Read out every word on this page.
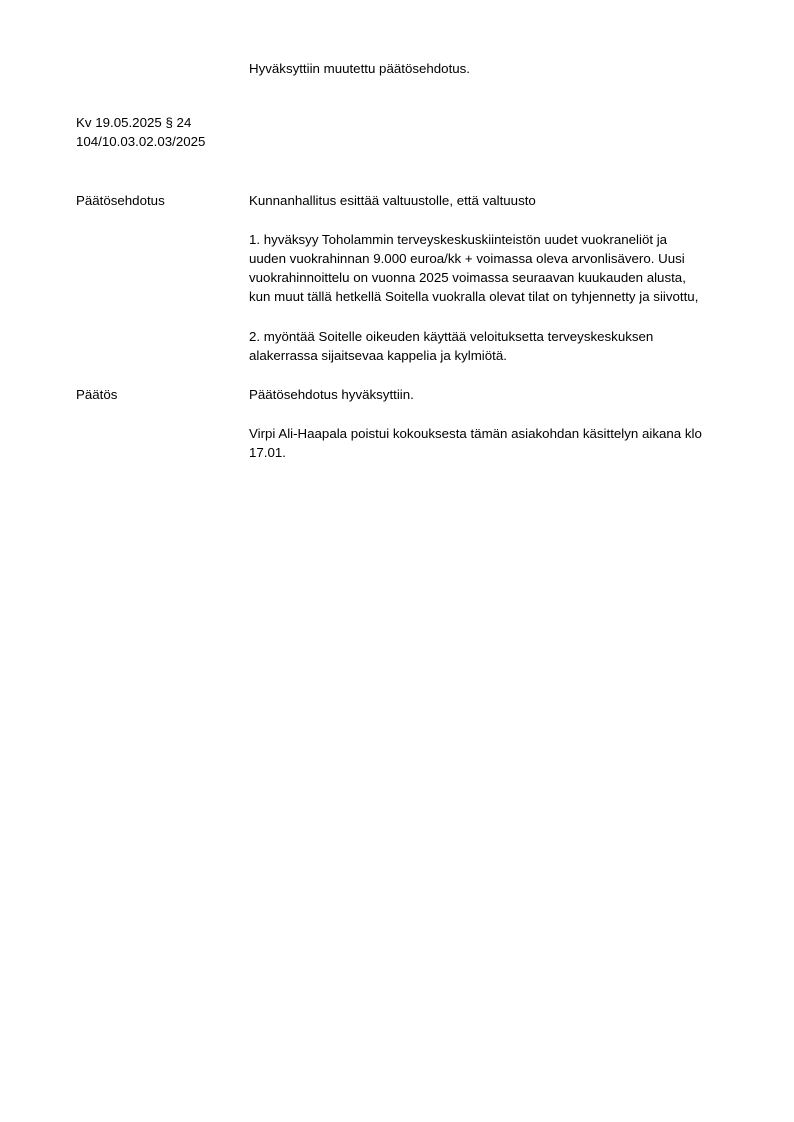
Hyväksyttiin muutettu päätösehdotus.
Kv 19.05.2025 § 24
104/10.03.02.03/2025
Päätösehdotus	Kunnanhallitus esittää valtuustolle, että valtuusto
1. hyväksyy Toholammin terveyskeskuskiinteistön uudet vuokraneliöt ja
uuden vuokrahinnan 9.000 euroa/kk + voimassa oleva arvonlisävero. Uusi
vuokrahinnoittelu on vuonna 2025 voimassa seuraavan kuukauden alusta,
kun muut tällä hetkellä Soitella vuokralla olevat tilat on tyhjennetty ja siivottu,
2. myöntää Soitelle oikeuden käyttää veloituksetta terveyskeskuksen
alakerrassa sijaitsevaa kappelia ja kylmiötä.
Päätös	Päätösehdotus hyväksyttiin.
Virpi Ali-Haapala poistui kokouksesta tämän asiakohdan käsittelyn aikana klo
17.01.
